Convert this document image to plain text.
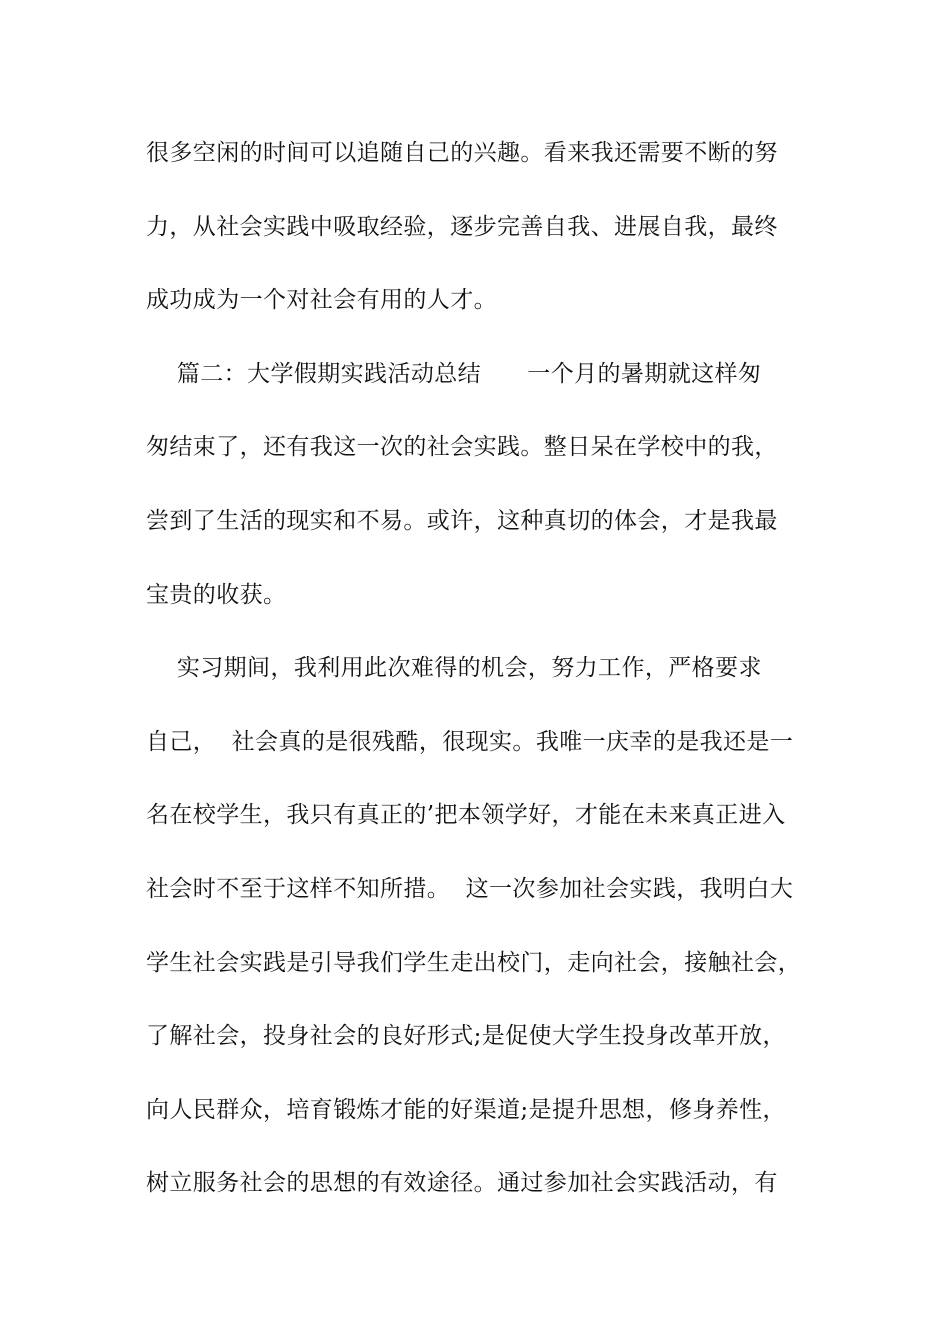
很多空闲的时间可以追随自己的兴趣。看来我还需要不断的努
力，从社会实践中吸取经验，逐步完善自我、进展自我，最终
成功成为一个对社会有用的人才。
篇二：大学假期实践活动总结      一个月的暑期就这样匆
匆结束了，还有我这一次的社会实践。整日呆在学校中的我，
尝到了生活的现实和不易。或许，这种真切的体会，才是我最
宝贵的收获。
实习期间，我利用此次难得的机会，努力工作，严格要求
自己，  社会真的是很残酷，很现实。我唯一庆幸的是我还是一
名在校学生，我只有真正的’把本领学好，才能在未来真正进入
社会时不至于这样不知所措。  这一次参加社会实践，我明白大
学生社会实践是引导我们学生走出校门，走向社会，接触社会，
了解社会，投身社会的良好形式;是促使大学生投身改革开放，
向人民群众，培育锻炼才能的好渠道;是提升思想，修身养性，
树立服务社会的思想的有效途径。通过参加社会实践活动，有
